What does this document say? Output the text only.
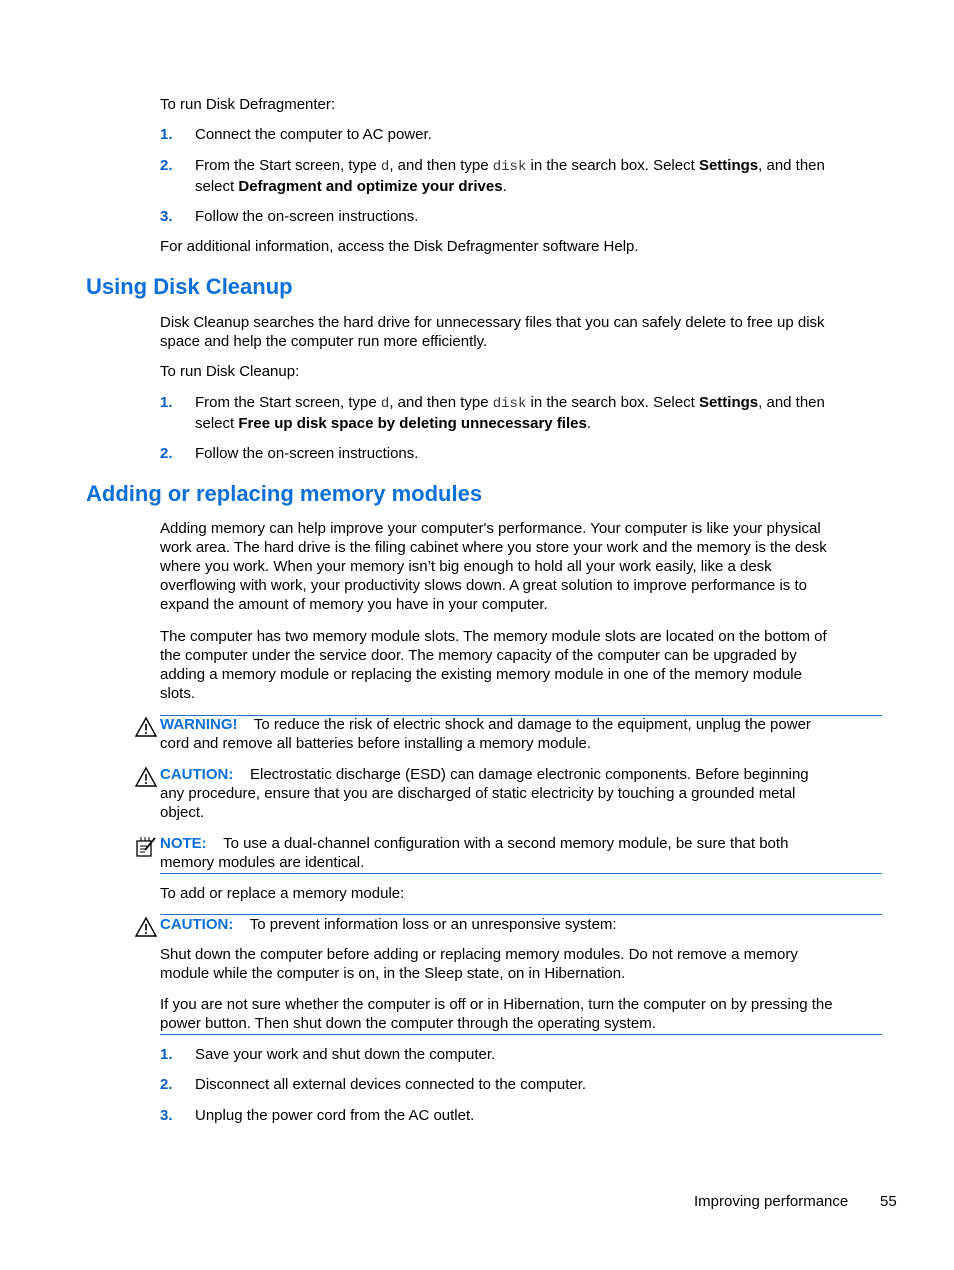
To run Disk Defragmenter:
1. Connect the computer to AC power.
2. From the Start screen, type d, and then type disk in the search box. Select Settings, and then
select Defragment and optimize your drives.
3. Follow the on-screen instructions.
For additional information, access the Disk Defragmenter software Help.
Using Disk Cleanup
Disk Cleanup searches the hard drive for unnecessary files that you can safely delete to free up disk
space and help the computer run more efficiently.
To run Disk Cleanup:
1. From the Start screen, type d, and then type disk in the search box. Select Settings, and then
select Free up disk space by deleting unnecessary files.
2. Follow the on-screen instructions.
Adding or replacing memory modules
Adding memory can help improve your computer's performance. Your computer is like your physical
work area. The hard drive is the filing cabinet where you store your work and the memory is the desk
where you work. When your memory isn’t big enough to hold all your work easily, like a desk
overflowing with work, your productivity slows down. A great solution to improve performance is to
expand the amount of memory you have in your computer.
The computer has two memory module slots. The memory module slots are located on the bottom of
the computer under the service door. The memory capacity of the computer can be upgraded by
adding a memory module or replacing the existing memory module in one of the memory module
slots.
WARNING! To reduce the risk of electric shock and damage to the equipment, unplug the power
cord and remove all batteries before installing a memory module.
CAUTION: Electrostatic discharge (ESD) can damage electronic components. Before beginning
any procedure, ensure that you are discharged of static electricity by touching a grounded metal
object.
NOTE: To use a dual-channel configuration with a second memory module, be sure that both
memory modules are identical.
To add or replace a memory module:
CAUTION: To prevent information loss or an unresponsive system:
Shut down the computer before adding or replacing memory modules. Do not remove a memory
module while the computer is on, in the Sleep state, on in Hibernation.
If you are not sure whether the computer is off or in Hibernation, turn the computer on by pressing the
power button. Then shut down the computer through the operating system.
1. Save your work and shut down the computer.
2. Disconnect all external devices connected to the computer.
3. Unplug the power cord from the AC outlet.
Improving performance 55
